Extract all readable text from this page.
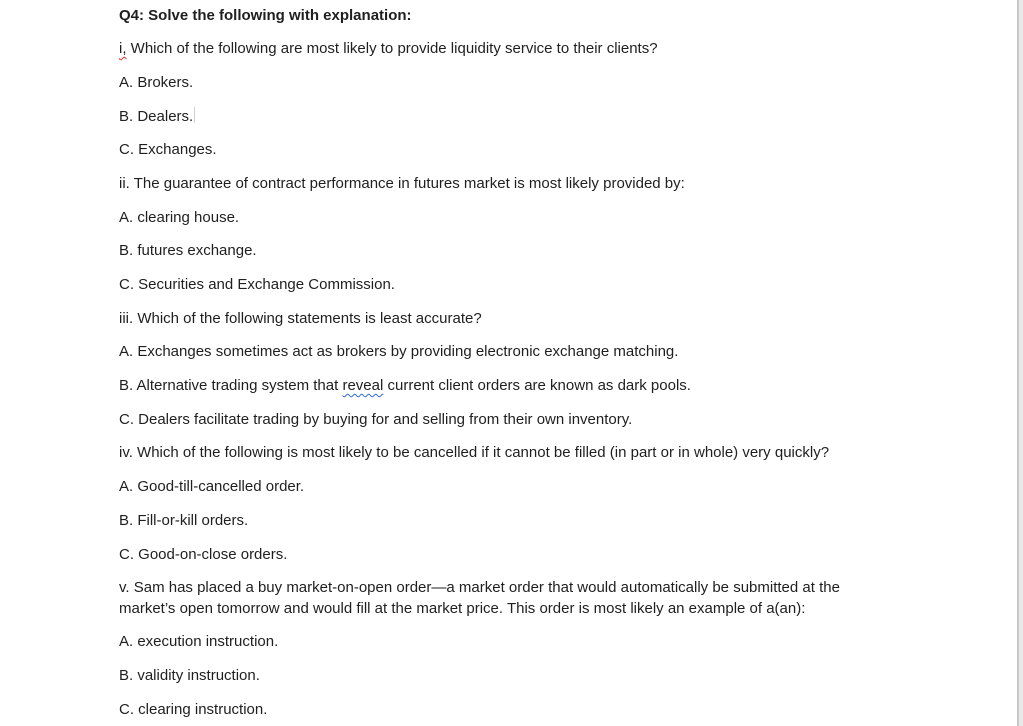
Q4: Solve the following with explanation:
i, Which of the following are most likely to provide liquidity service to their clients?
A. Brokers.
B. Dealers.
C. Exchanges.
ii. The guarantee of contract performance in futures market is most likely provided by:
A. clearing house.
B. futures exchange.
C. Securities and Exchange Commission.
iii. Which of the following statements is least accurate?
A. Exchanges sometimes act as brokers by providing electronic exchange matching.
B. Alternative trading system that reveal current client orders are known as dark pools.
C. Dealers facilitate trading by buying for and selling from their own inventory.
iv. Which of the following is most likely to be cancelled if it cannot be filled (in part or in whole) very quickly?
A. Good-till-cancelled order.
B. Fill-or-kill orders.
C. Good-on-close orders.
v. Sam has placed a buy market-on-open order—a market order that would automatically be submitted at the market’s open tomorrow and would fill at the market price. This order is most likely an example of a(an):
A. execution instruction.
B. validity instruction.
C. clearing instruction.
